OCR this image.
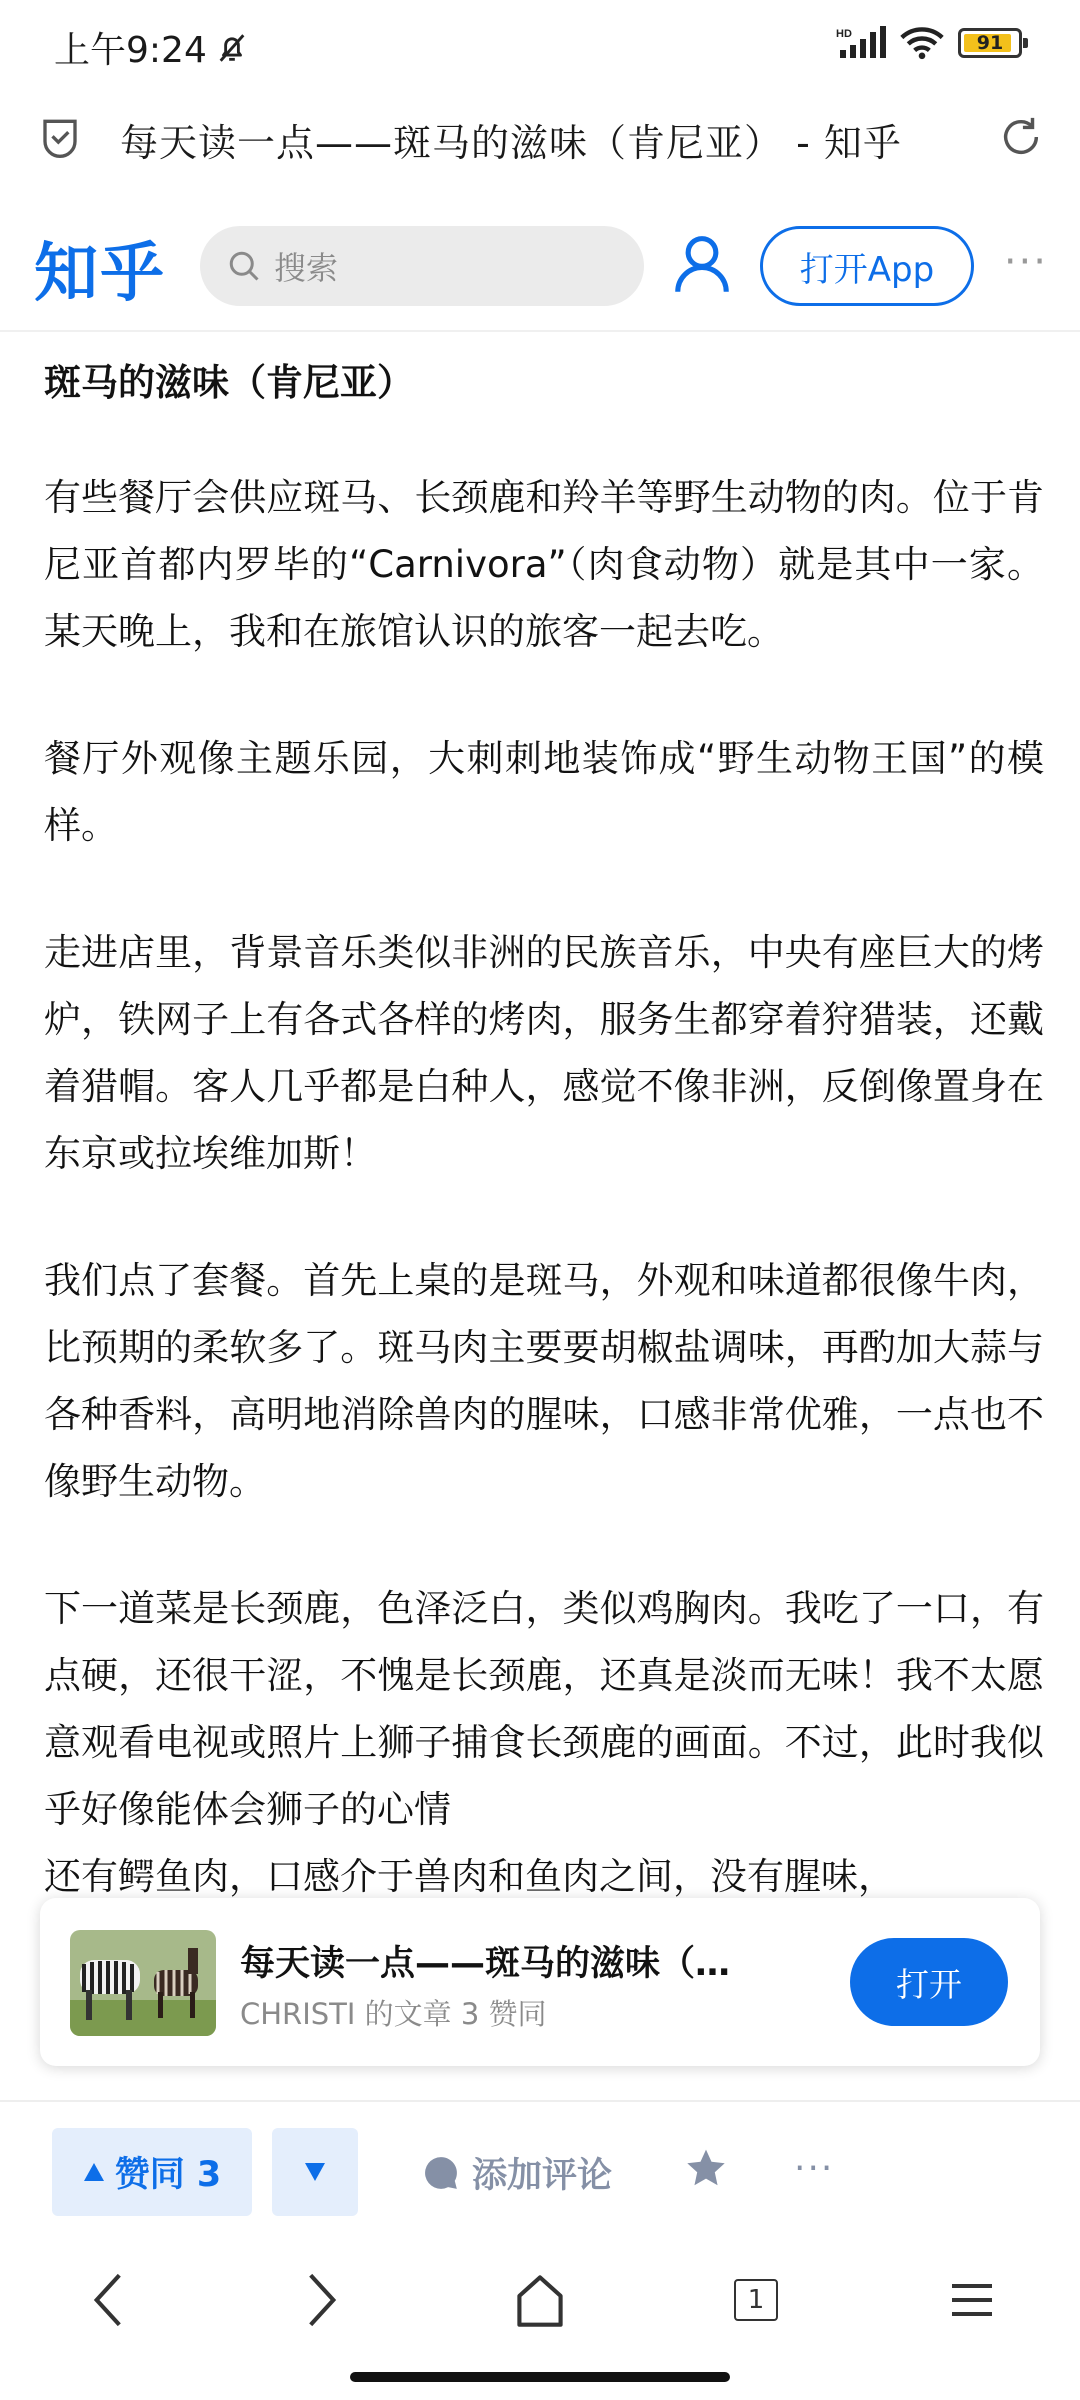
上午9:24	HD	91
每天读一点——斑马的滋味（肯尼亚） - 知乎
知乎	搜索	打开App	···
斑马的滋味（肯尼亚）

有些餐厅会供应斑马、长颈鹿和羚羊等野生动物的肉。位于肯尼亚首都内罗毕的“Carnivora”（肉食动物）就是其中一家。某天晚上，我和在旅馆认识的旅客一起去吃。

餐厅外观像主题乐园，大刺刺地装饰成“野生动物王国”的模样。

走进店里，背景音乐类似非洲的民族音乐，中央有座巨大的烤炉，铁网子上有各式各样的烤肉，服务生都穿着狩猎装，还戴着猎帽。客人几乎都是白种人，感觉不像非洲，反倒像置身在东京或拉埃维加斯！

我们点了套餐。首先上桌的是斑马，外观和味道都很像牛肉，比预期的柔软多了。斑马肉主要要胡椒盐调味，再酌加大蒜与各种香料，高明地消除兽肉的腥味，口感非常优雅，一点也不像野生动物。

下一道菜是长颈鹿，色泽泛白，类似鸡胸肉。我吃了一口，有点硬，还很干涩，不愧是长颈鹿，还真是淡而无味！我不太愿意观看电视或照片上狮子捕食长颈鹿的画面。不过，此时我似乎好像能体会狮子的心情

还有鳄鱼肉，口感介于兽肉和鱼肉之间，没有腥味，

每天读一点——斑马的滋味（…
CHRISTI 的文章 3 赞同
打开
赞同 3	添加评论	···
1
